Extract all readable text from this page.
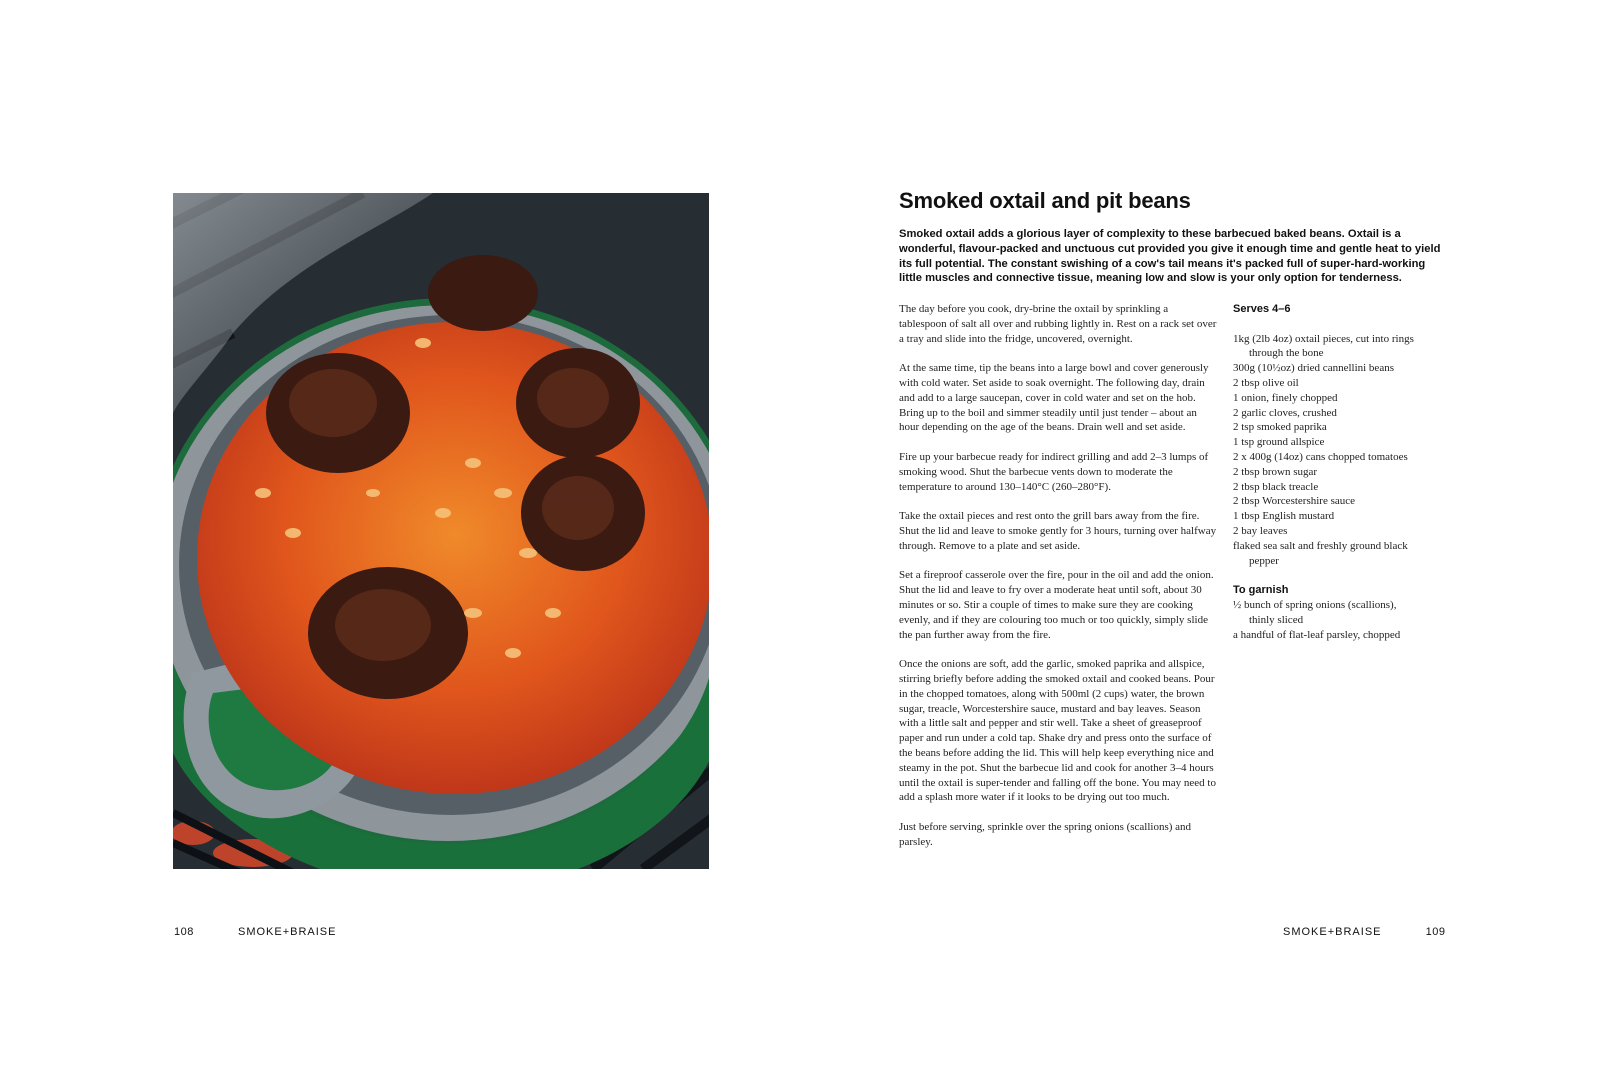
108	SMOKE+BRAISE
Smoked oxtail and pit beans

Smoked oxtail adds a glorious layer of complexity to these barbecued baked beans. Oxtail is a wonderful, flavour-packed and unctuous cut provided you give it enough time and gentle heat to yield its full potential. The constant swishing of a cow's tail means it's packed full of super-hard-working little muscles and connective tissue, meaning low and slow is your only option for tenderness.

The day before you cook, dry-brine the oxtail by sprinkling a tablespoon of salt all over and rubbing lightly in. Rest on a rack set over a tray and slide into the fridge, uncovered, overnight.

At the same time, tip the beans into a large bowl and cover generously with cold water. Set aside to soak overnight. The following day, drain and add to a large saucepan, cover in cold water and set on the hob. Bring up to the boil and simmer steadily until just tender – about an hour depending on the age of the beans. Drain well and set aside.

Fire up your barbecue ready for indirect grilling and add 2–3 lumps of smoking wood. Shut the barbecue vents down to moderate the temperature to around 130–140°C (260–280°F).

Take the oxtail pieces and rest onto the grill bars away from the fire. Shut the lid and leave to smoke gently for 3 hours, turning over halfway through. Remove to a plate and set aside.

Set a fireproof casserole over the fire, pour in the oil and add the onion. Shut the lid and leave to fry over a moderate heat until soft, about 30 minutes or so. Stir a couple of times to make sure they are cooking evenly, and if they are colouring too much or too quickly, simply slide the pan further away from the fire.

Once the onions are soft, add the garlic, smoked paprika and allspice, stirring briefly before adding the smoked oxtail and cooked beans. Pour in the chopped tomatoes, along with 500ml (2 cups) water, the brown sugar, treacle, Worcestershire sauce, mustard and bay leaves. Season with a little salt and pepper and stir well. Take a sheet of greaseproof paper and run under a cold tap. Shake dry and press onto the surface of the beans before adding the lid. This will help keep everything nice and steamy in the pot. Shut the barbecue lid and cook for another 3–4 hours until the oxtail is super-tender and falling off the bone. You may need to add a splash more water if it looks to be drying out too much.

Just before serving, sprinkle over the spring onions (scallions) and parsley.

Serves 4–6

1kg (2lb 4oz) oxtail pieces, cut into rings through the bone
300g (10½oz) dried cannellini beans
2 tbsp olive oil
1 onion, finely chopped
2 garlic cloves, crushed
2 tsp smoked paprika
1 tsp ground allspice
2 x 400g (14oz) cans chopped tomatoes
2 tbsp brown sugar
2 tbsp black treacle
2 tbsp Worcestershire sauce
1 tbsp English mustard
2 bay leaves
flaked sea salt and freshly ground black pepper

To garnish

½ bunch of spring onions (scallions), thinly sliced
a handful of flat-leaf parsley, chopped
SMOKE+BRAISE	109
